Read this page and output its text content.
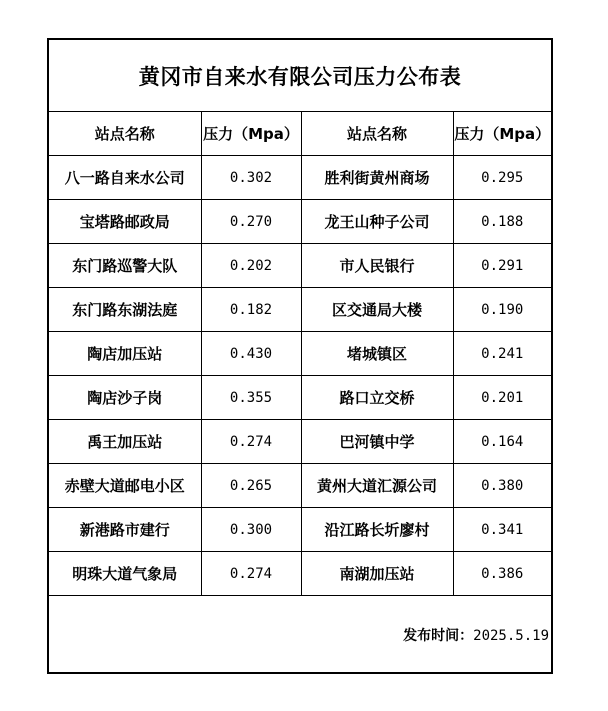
黄冈市自来水有限公司压力公布表
站点名称	压力（Mpa）	站点名称	压力（Mpa）
八一路自来水公司	0.302	胜利街黄州商场	0.295
宝塔路邮政局	0.270	龙王山种子公司	0.188
东门路巡警大队	0.202	市人民银行	0.291
东门路东湖法庭	0.182	区交通局大楼	0.190
陶店加压站	0.430	堵城镇区	0.241
陶店沙子岗	0.355	路口立交桥	0.201
禹王加压站	0.274	巴河镇中学	0.164
赤壁大道邮电小区	0.265	黄州大道汇源公司	0.380
新港路市建行	0.300	沿江路长圻廖村	0.341
明珠大道气象局	0.274	南湖加压站	0.386
发布时间：2025.5.19
